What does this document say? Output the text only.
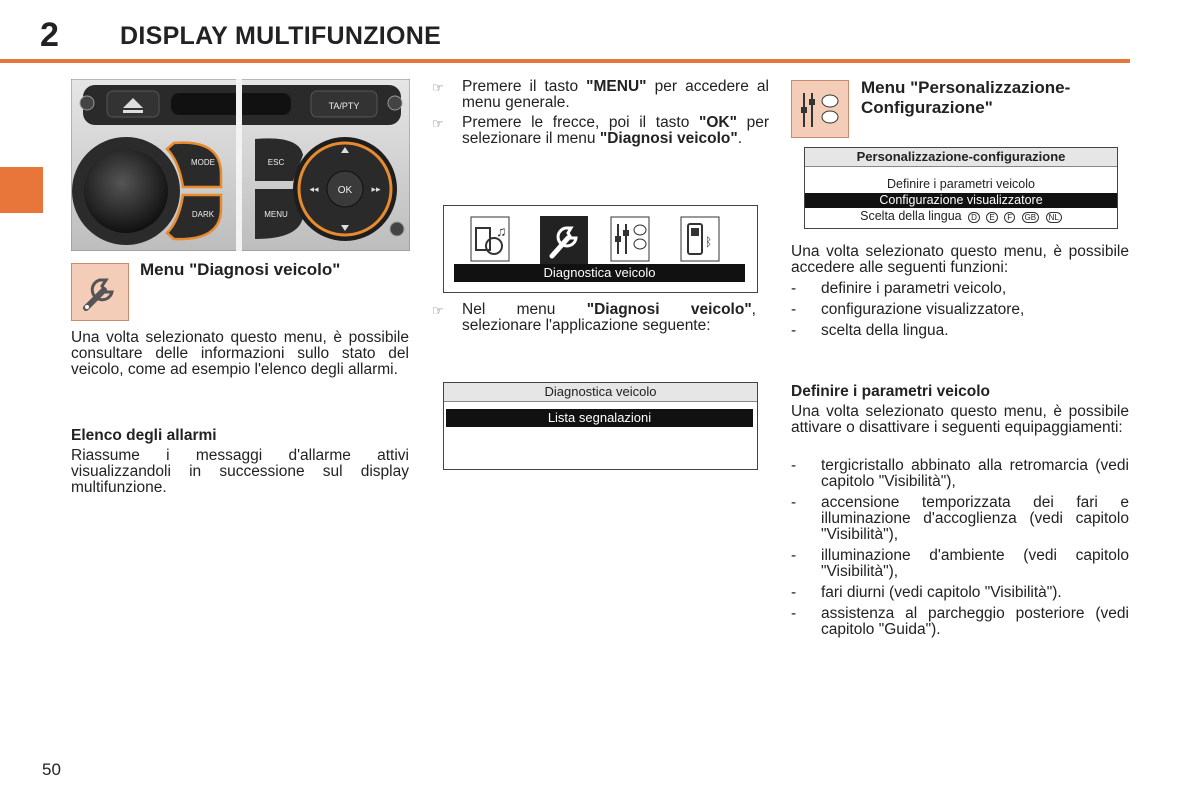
2 DISPLAY MULTIFUNZIONE
TA/PTY
MODE
DARK
ESC
MENU
OK
◂◂	▸▸
Menu "Diagnosi veicolo"
Una volta selezionato questo menu, è possibile consultare delle informazioni sullo stato del veicolo, come ad esempio l'elenco degli allarmi.
Elenco degli allarmi
Riassume i messaggi d'allarme attivi visualizzandoli in successione sul display multifunzione.
☞ Premere il tasto "MENU" per accedere al menu generale.
☞ Premere le frecce, poi il tasto "OK" per selezionare il menu "Diagnosi veicolo".
♫
ᛒ
Diagnostica veicolo
☞ Nel menu "Diagnosi veicolo", selezionare l'applicazione seguente:
Diagnostica veicolo
Lista segnalazioni
Menu "Personalizzazione-
Configurazione"
Personalizzazione-configurazione
Definire i parametri veicolo
Configurazione visualizzatore
Scelta della lingua D E F GB NL
Una volta selezionato questo menu, è possibile accedere alle seguenti funzioni:
- definire i parametri veicolo,
- configurazione visualizzatore,
- scelta della lingua.
Definire i parametri veicolo
Una volta selezionato questo menu, è possibile attivare o disattivare i seguenti equipaggiamenti:
- tergicristallo abbinato alla retromarcia (vedi capitolo "Visibilità"),
- accensione temporizzata dei fari e illuminazione d'accoglienza (vedi capitolo "Visibilità"),
- illuminazione d'ambiente (vedi capitolo "Visibilità"),
- fari diurni (vedi capitolo "Visibilità").
- assistenza al parcheggio posteriore (vedi capitolo "Guida").
50
